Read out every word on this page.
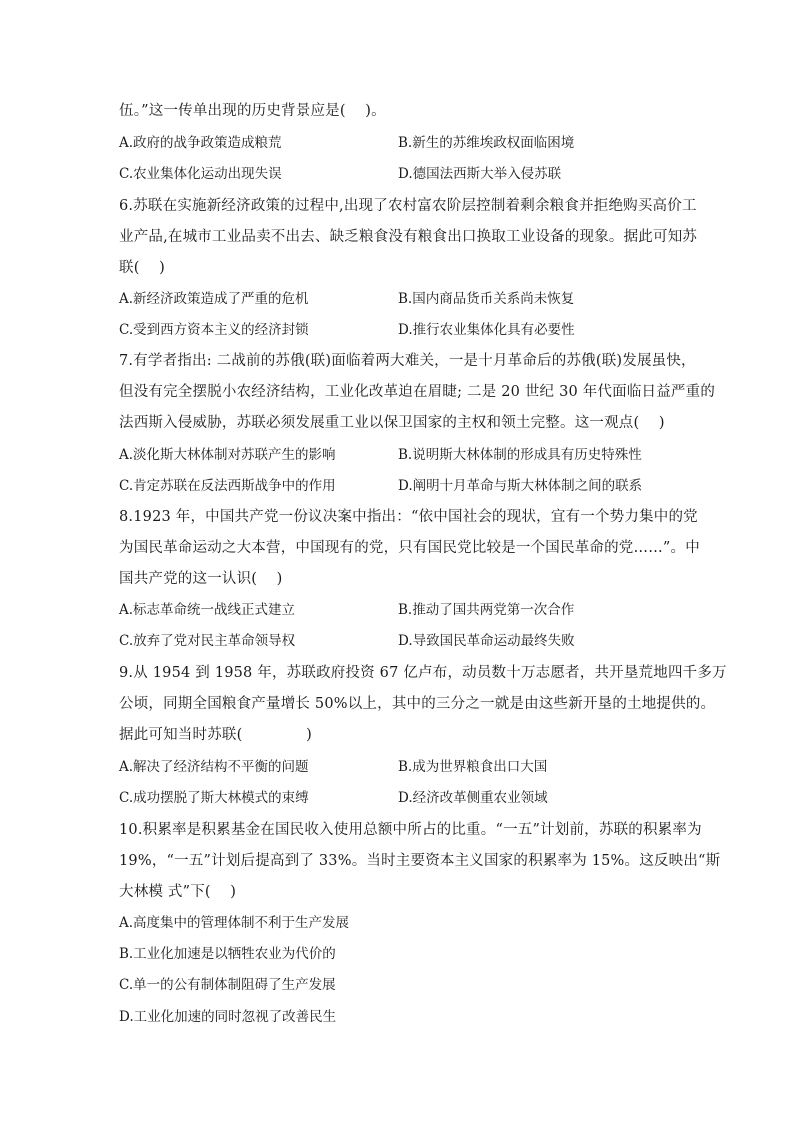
伍。”这一传单出现的历史背景应是(　 )。
A.政府的战争政策造成粮荒	B.新生的苏维埃政权面临困境
C.农业集体化运动出现失误	D.德国法西斯大举入侵苏联
6.苏联在实施新经济政策的过程中,出现了农村富农阶层控制着剩余粮食并拒绝购买高价工
业产品,在城市工业品卖不出去、缺乏粮食没有粮食出口换取工业设备的现象。据此可知苏
联(　 )
A.新经济政策造成了严重的危机	B.国内商品货币关系尚未恢复
C.受到西方资本主义的经济封锁	D.推行农业集体化具有必要性
7.有学者指出: 二战前的苏俄(联)面临着两大难关，一是十月革命后的苏俄(联)发展虽快，
但没有完全摆脱小农经济结构，工业化改革迫在眉睫; 二是 20 世纪 30 年代面临日益严重的
法西斯入侵威胁，苏联必须发展重工业以保卫国家的主权和领土完整。这一观点(　 )
A.淡化斯大林体制对苏联产生的影响	B.说明斯大林体制的形成具有历史特殊性
C.肯定苏联在反法西斯战争中的作用	D.阐明十月革命与斯大林体制之间的联系
8.1923 年，中国共产党一份议决案中指出：“依中国社会的现状，宜有一个势力集中的党
为国民革命运动之大本营，中国现有的党，只有国民党比较是一个国民革命的党……”。中
国共产党的这一认识(　 )
A.标志革命统一战线正式建立	B.推动了国共两党第一次合作
C.放弃了党对民主革命领导权	D.导致国民革命运动最终失败
9.从 1954 到 1958 年，苏联政府投资 67 亿卢布，动员数十万志愿者，共开垦荒地四千多万
公顷，同期全国粮食产量增长 50%以上，其中的三分之一就是由这些新开垦的土地提供的。
据此可知当时苏联(　　　　 )
A.解决了经济结构不平衡的问题	B.成为世界粮食出口大国
C.成功摆脱了斯大林模式的束缚	D.经济改革侧重农业领域
10.积累率是积累基金在国民收入使用总额中所占的比重。“一五”计划前，苏联的积累率为
19%，“一五”计划后提高到了 33%。当时主要资本主义国家的积累率为 15%。这反映出“斯
大林模 式”下(　 )
A.高度集中的管理体制不利于生产发展
B.工业化加速是以牺牲农业为代价的
C.单一的公有制体制阻碍了生产发展
D.工业化加速的同时忽视了改善民生
